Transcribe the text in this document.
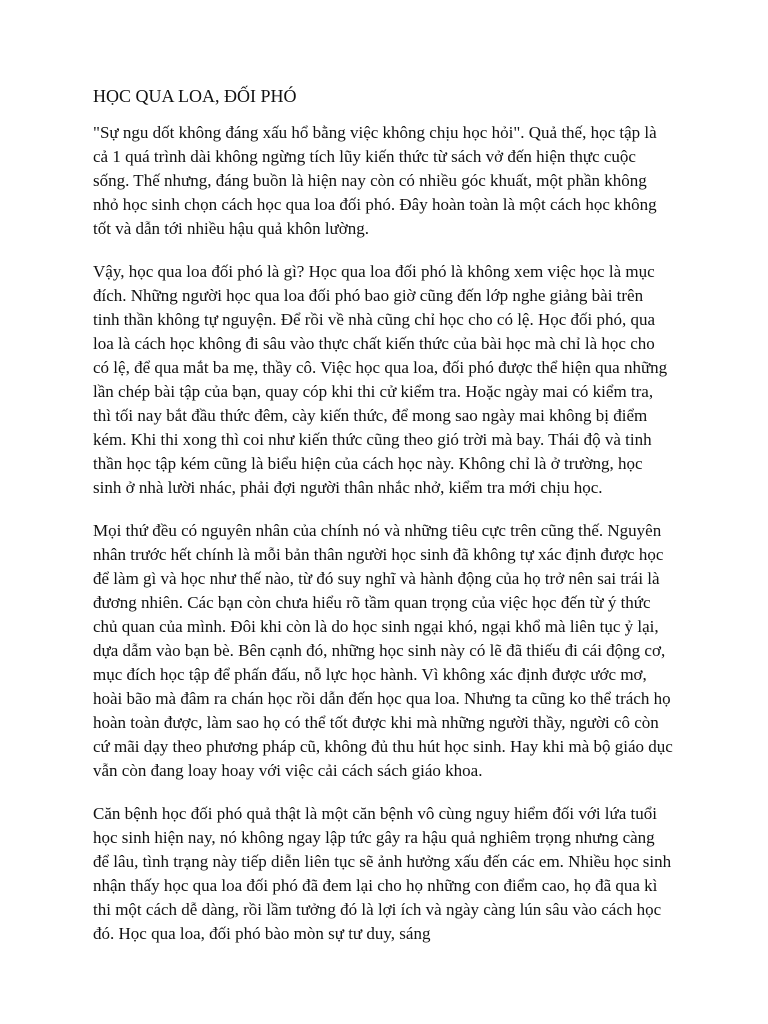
HỌC QUA LOA, ĐỐI PHÓ

"Sự ngu dốt không đáng xấu hổ bằng việc không chịu học hỏi". Quả thế, học tập là cả 1 quá trình dài không ngừng tích lũy kiến thức từ sách vở đến hiện thực cuộc sống. Thế nhưng, đáng buồn là hiện nay còn có nhiều góc khuất, một phần không nhỏ học sinh chọn cách học qua loa đối phó. Đây hoàn toàn là một cách học không tốt và dẫn tới nhiều hậu quả khôn lường.

Vậy, học qua loa đối phó là gì? Học qua loa đối phó là không xem việc học là mục đích. Những người học qua loa đối phó bao giờ cũng đến lớp nghe giảng bài trên tinh thần không tự nguyện. Để rồi về nhà cũng chỉ học cho có lệ. Học đối phó, qua loa là cách học không đi sâu vào thực chất kiến thức của bài học mà chỉ là học cho có lệ, để qua mắt ba mẹ, thầy cô. Việc học qua loa, đối phó được thể hiện qua những lần chép bài tập của bạn, quay cóp khi thi cử kiểm tra. Hoặc ngày mai có kiểm tra, thì tối nay bắt đầu thức đêm, cày kiến thức, để mong sao ngày mai không bị điểm kém. Khi thi xong thì coi như kiến thức cũng theo gió trời mà bay. Thái độ và tinh thần học tập kém cũng là biểu hiện của cách học này. Không chỉ là ở trường, học sinh ở nhà lười nhác, phải đợi người thân nhắc nhở, kiểm tra mới chịu học.

Mọi thứ đều có nguyên nhân của chính nó và những tiêu cực trên cũng thế. Nguyên nhân trước hết chính là mỗi bản thân người học sinh đã không tự xác định được học để làm gì và học như thế nào, từ đó suy nghĩ và hành động của họ trở nên sai trái là đương nhiên. Các bạn còn chưa hiểu rõ tầm quan trọng của việc học đến từ ý thức chủ quan của mình. Đôi khi còn là do học sinh ngại khó, ngại khổ mà liên tục ỷ lại, dựa dẫm vào bạn bè. Bên cạnh đó, những học sinh này có lẽ đã thiếu đi cái động cơ, mục đích học tập để phấn đấu, nỗ lực học hành. Vì không xác định được ước mơ, hoài bão mà đâm ra chán học rồi dẫn đến học qua loa. Nhưng ta cũng ko thể trách họ hoàn toàn được, làm sao họ có thể tốt được khi mà những người thầy, người cô còn cứ mãi dạy theo phương pháp cũ, không đủ thu hút học sinh. Hay khi mà bộ giáo dục vẫn còn đang loay hoay với việc cải cách sách giáo khoa.

Căn bệnh học đối phó quả thật là một căn bệnh vô cùng nguy hiểm đối với lứa tuổi học sinh hiện nay, nó không ngay lập tức gây ra hậu quả nghiêm trọng nhưng càng để lâu, tình trạng này tiếp diễn liên tục sẽ ảnh hưởng xấu đến các em. Nhiều học sinh nhận thấy học qua loa đối phó đã đem lại cho họ những con điểm cao, họ đã qua kì thi một cách dễ dàng, rồi lầm tưởng đó là lợi ích và ngày càng lún sâu vào cách học đó. Học qua loa, đối phó bào mòn sự tư duy, sáng
